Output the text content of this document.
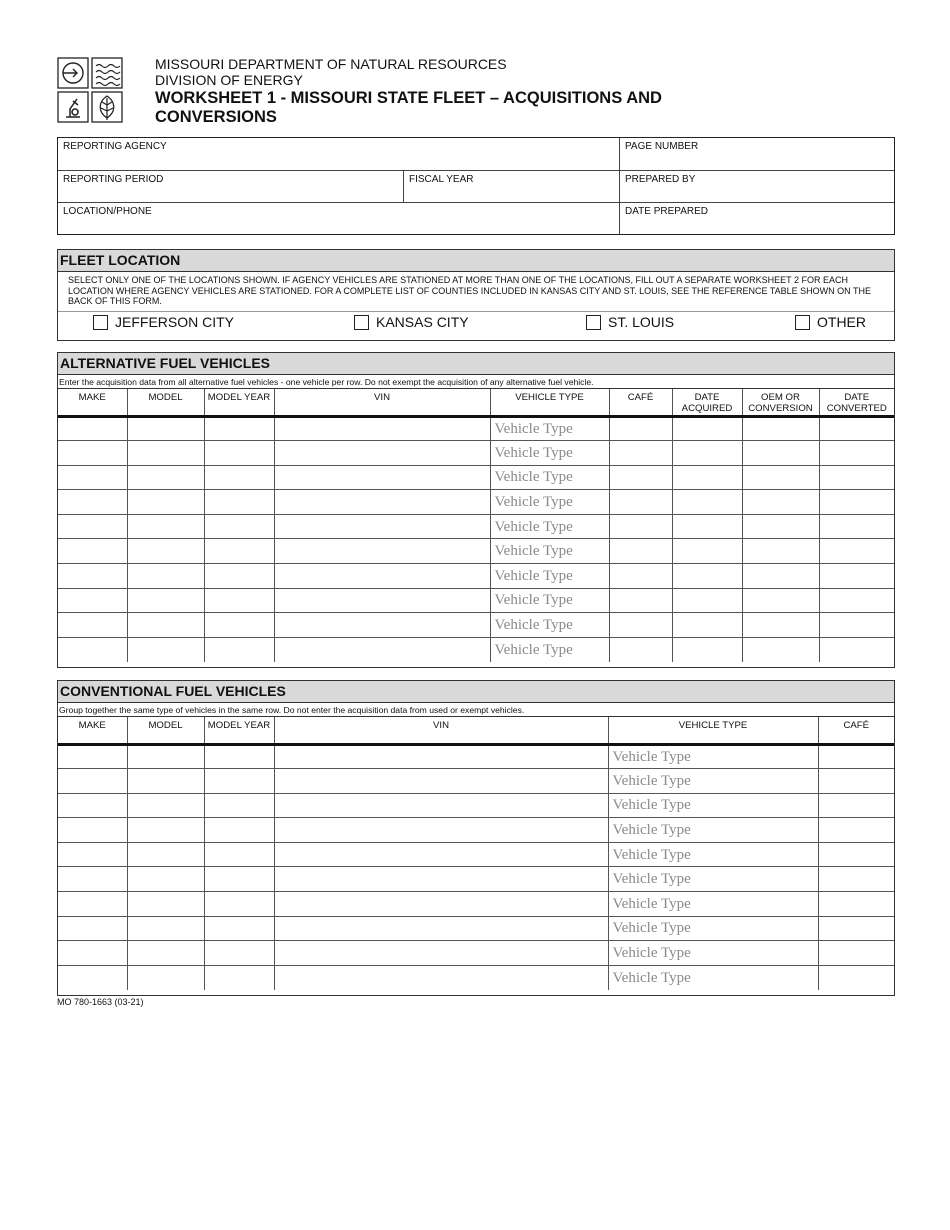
MISSOURI DEPARTMENT OF NATURAL RESOURCES
DIVISION OF ENERGY
WORKSHEET 1 - MISSOURI STATE FLEET – ACQUISITIONS AND
CONVERSIONS
REPORTING AGENCY	PAGE NUMBER
REPORTING PERIOD	FISCAL YEAR	PREPARED BY
LOCATION/PHONE	DATE PREPARED
FLEET LOCATION
SELECT ONLY ONE OF THE LOCATIONS SHOWN. IF AGENCY VEHICLES ARE STATIONED AT MORE THAN ONE OF THE LOCATIONS, FILL OUT A SEPARATE WORKSHEET 2 FOR EACH LOCATION WHERE AGENCY VEHICLES ARE STATIONED. FOR A COMPLETE LIST OF COUNTIES INCLUDED IN KANSAS CITY AND ST. LOUIS, SEE THE REFERENCE TABLE SHOWN ON THE BACK OF THIS FORM.
JEFFERSON CITY	KANSAS CITY	ST. LOUIS	OTHER
ALTERNATIVE FUEL VEHICLES
Enter the acquisition data from all alternative fuel vehicles - one vehicle per row. Do not exempt the acquisition of any alternative fuel vehicle.
MAKE	MODEL	MODEL YEAR	VIN	VEHICLE TYPE	CAFÉ	DATE ACQUIRED	OEM OR CONVERSION	DATE CONVERTED
				Vehicle Type				
				Vehicle Type				
				Vehicle Type				
				Vehicle Type				
				Vehicle Type				
				Vehicle Type				
				Vehicle Type				
				Vehicle Type				
				Vehicle Type				
				Vehicle Type				
CONVENTIONAL FUEL VEHICLES
Group together the same type of vehicles in the same row. Do not enter the acquisition data from used or exempt vehicles.
MAKE	MODEL	MODEL YEAR	VIN	VEHICLE TYPE	CAFÉ
				Vehicle Type	
				Vehicle Type	
				Vehicle Type	
				Vehicle Type	
				Vehicle Type	
				Vehicle Type	
				Vehicle Type	
				Vehicle Type	
				Vehicle Type	
				Vehicle Type	
MO 780-1663 (03-21)
